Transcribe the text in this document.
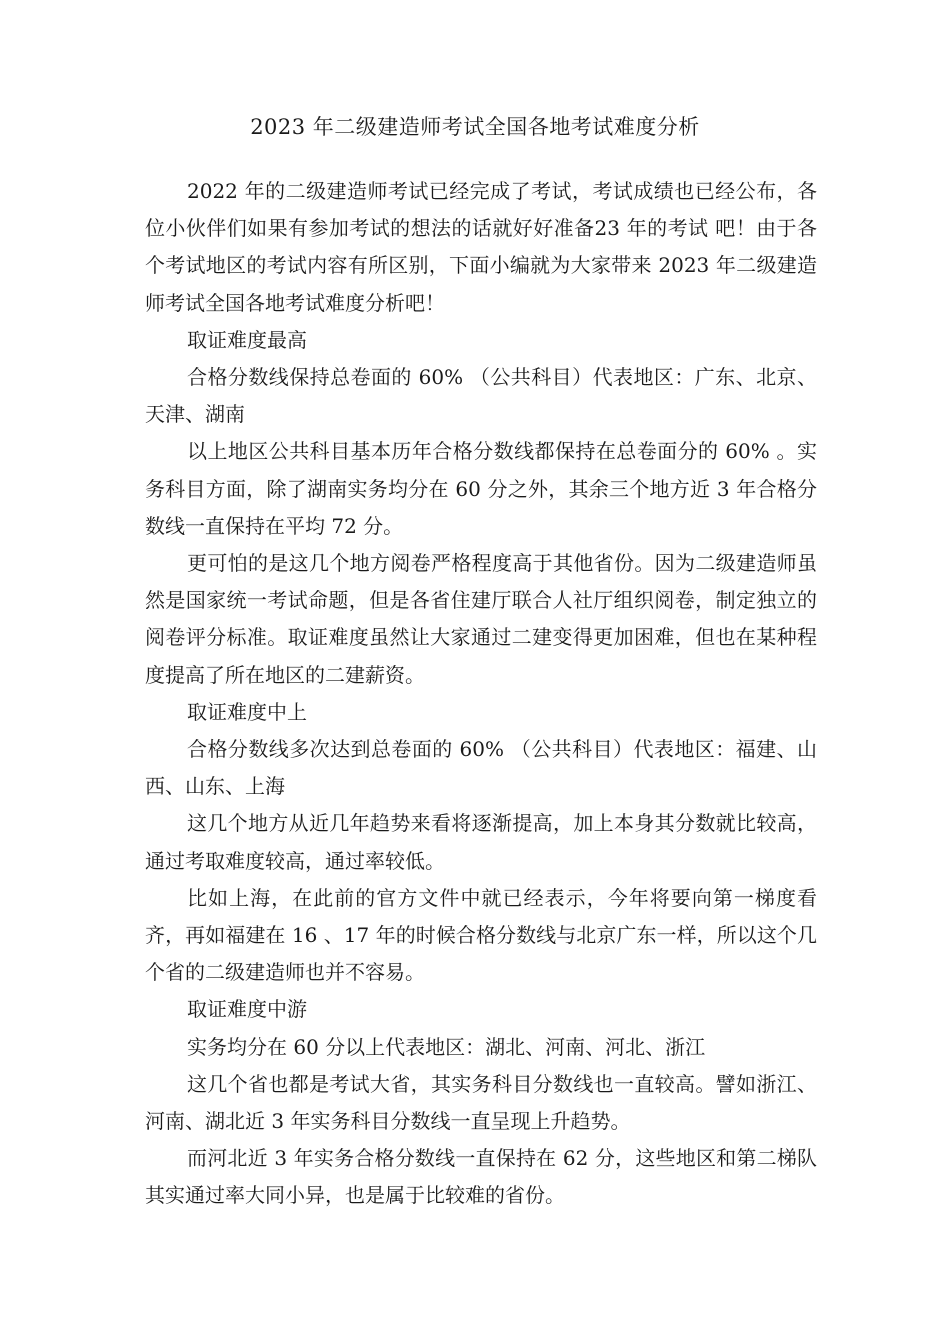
2023 年二级建造师考试全国各地考试难度分析

2022 年的二级建造师考试已经完成了考试，考试成绩也已经公布，各位小伙伴们如果有参加考试的想法的话就好好准备23 年的考试 吧！由于各个考试地区的考试内容有所区别，下面小编就为大家带来 2023 年二级建造师考试全国各地考试难度分析吧！

取证难度最高

合格分数线保持总卷面的 60% （公共科目）代表地区：广东、北京、天津、湖南

以上地区公共科目基本历年合格分数线都保持在总卷面分的 60% 。实务科目方面，除了湖南实务均分在 60 分之外，其余三个地方近 3 年合格分数线一直保持在平均 72 分。

更可怕的是这几个地方阅卷严格程度高于其他省份。因为二级建造师虽然是国家统一考试命题，但是各省住建厅联合人社厅组织阅卷，制定独立的阅卷评分标准。取证难度虽然让大家通过二建变得更加困难，但也在某种程度提高了所在地区的二建薪资。

取证难度中上

合格分数线多次达到总卷面的 60% （公共科目）代表地区：福建、山西、山东、上海

这几个地方从近几年趋势来看将逐渐提高，加上本身其分数就比较高，通过考取难度较高，通过率较低。

比如上海，在此前的官方文件中就已经表示，今年将要向第一梯度看齐，再如福建在 16 、17 年的时候合格分数线与北京广东一样，所以这个几个省的二级建造师也并不容易。

取证难度中游

实务均分在 60 分以上代表地区：湖北、河南、河北、浙江

这几个省也都是考试大省，其实务科目分数线也一直较高。譬如浙江、河南、湖北近 3 年实务科目分数线一直呈现上升趋势。

而河北近 3 年实务合格分数线一直保持在 62 分，这些地区和第二梯队其实通过率大同小异，也是属于比较难的省份。
